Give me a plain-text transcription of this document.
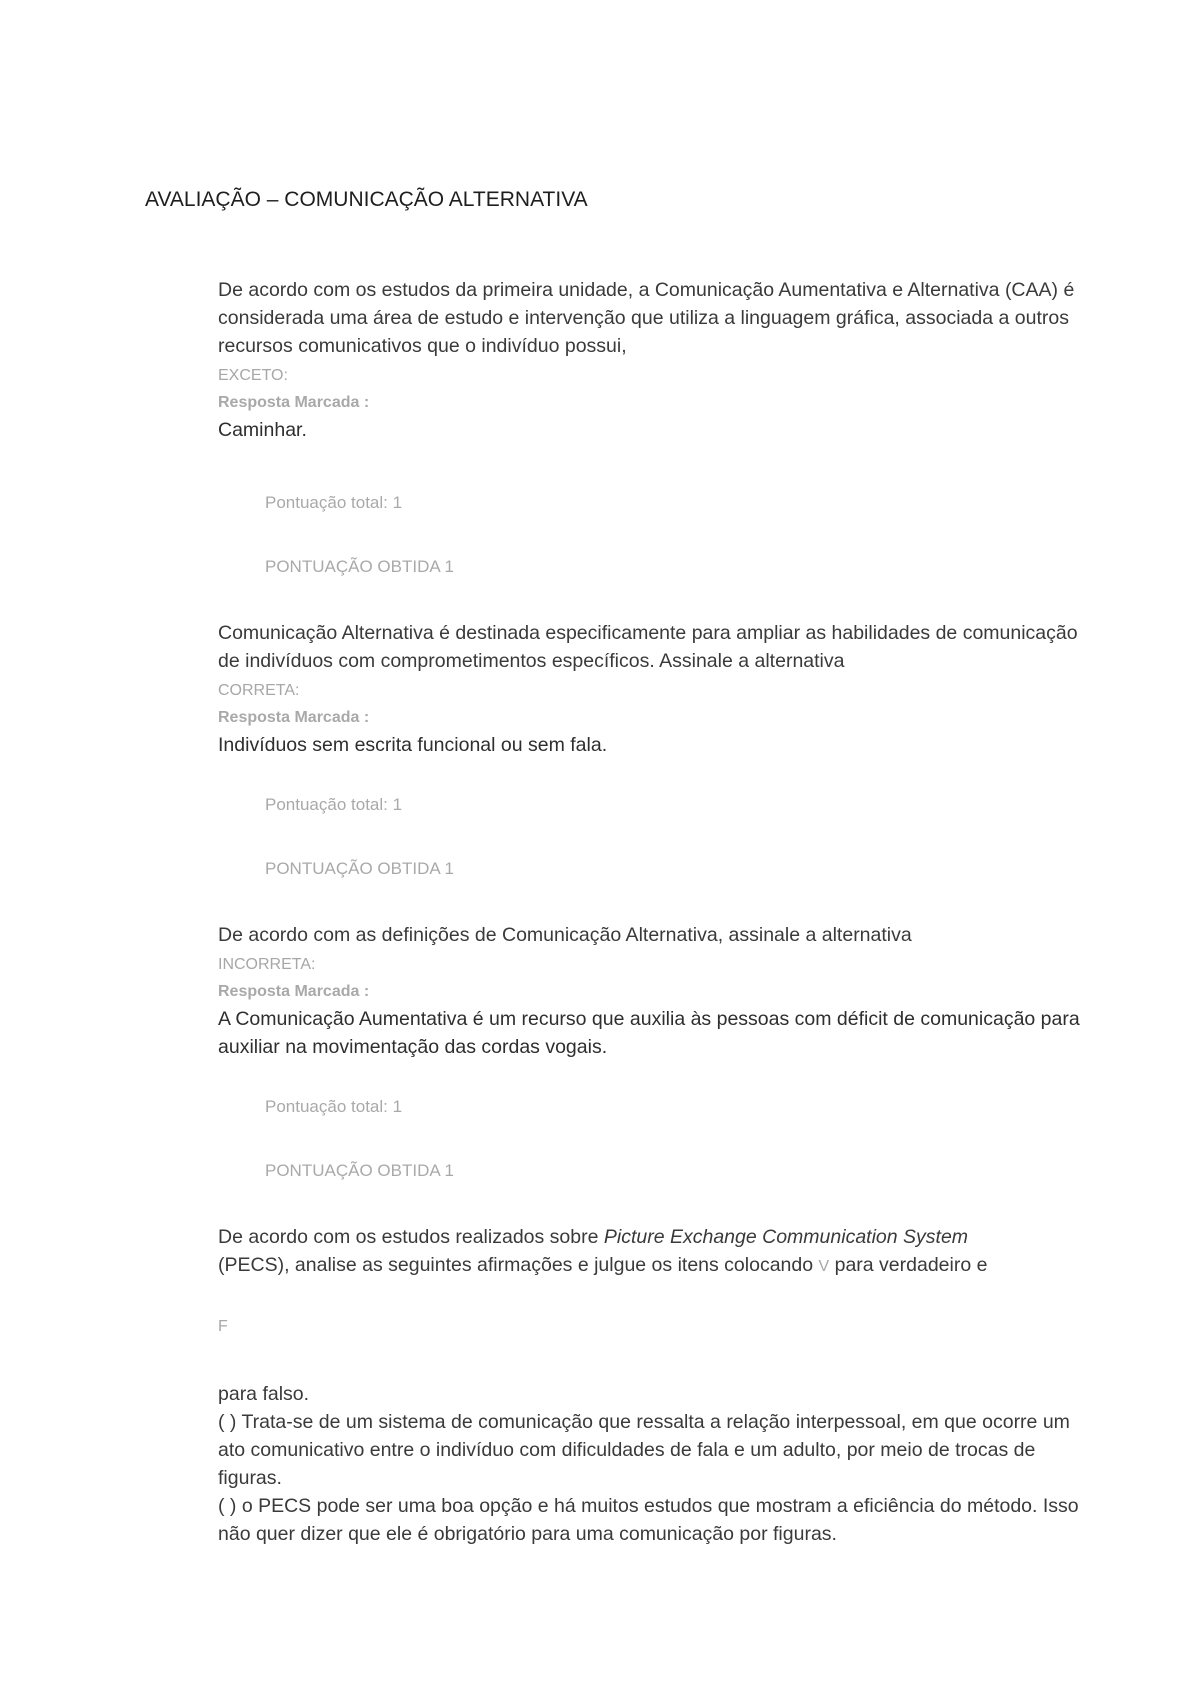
AVALIAÇÃO – COMUNICAÇÃO ALTERNATIVA

De acordo com os estudos da primeira unidade, a Comunicação Aumentativa e Alternativa (CAA) é considerada uma área de estudo e intervenção que utiliza a linguagem gráfica, associada a outros recursos comunicativos que o indivíduo possui,
EXCETO:

Resposta Marcada :
Caminhar.
Pontuação total: 1
PONTUAÇÃO OBTIDA 1

Comunicação Alternativa é destinada especificamente para ampliar as habilidades de comunicação de indivíduos com comprometimentos específicos. Assinale a alternativa
CORRETA:

Resposta Marcada :
Indivíduos sem escrita funcional ou sem fala.
Pontuação total: 1
PONTUAÇÃO OBTIDA 1

De acordo com as definições de Comunicação Alternativa, assinale a alternativa
INCORRETA:

Resposta Marcada :
A Comunicação Aumentativa é um recurso que auxilia às pessoas com déficit de comunicação para auxiliar na movimentação das cordas vogais.
Pontuação total: 1
PONTUAÇÃO OBTIDA 1

De acordo com os estudos realizados sobre Picture Exchange Communication System
(PECS), analise as seguintes afirmações e julgue os itens colocando V para verdadeiro e

F

para falso.

( ) Trata-se de um sistema de comunicação que ressalta a relação interpessoal, em que ocorre um ato comunicativo entre o indivíduo com dificuldades de fala e um adulto, por meio de trocas de figuras.

( ) o PECS pode ser uma boa opção e há muitos estudos que mostram a eficiência do método. Isso não quer dizer que ele é obrigatório para uma comunicação por figuras.
